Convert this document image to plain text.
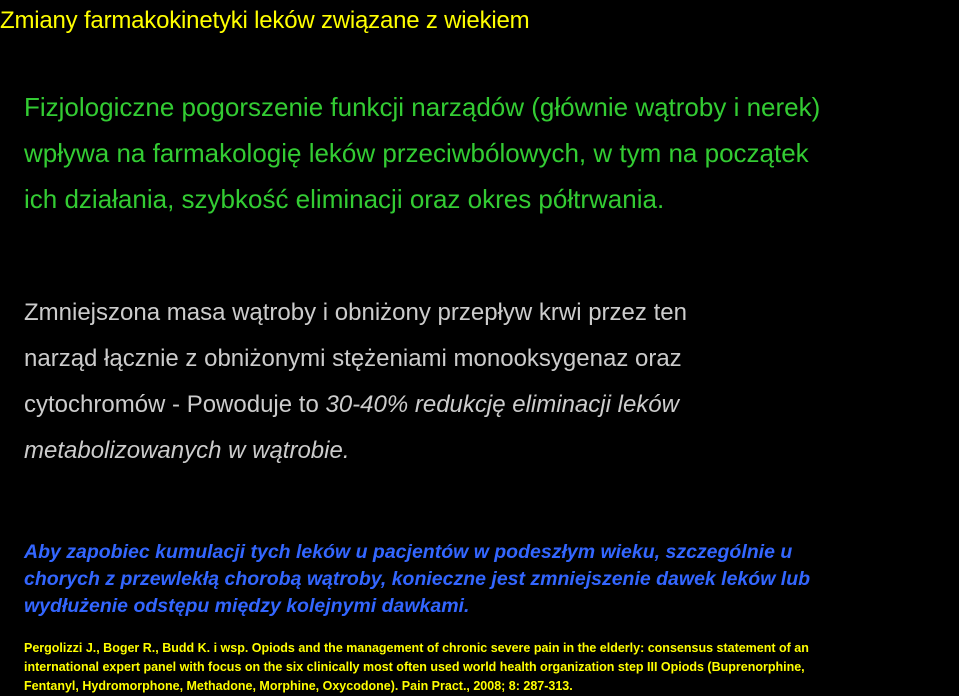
Zmiany farmakokinetyki leków związane z wiekiem
Fizjologiczne pogorszenie funkcji narządów (głównie wątroby i nerek)
wpływa na farmakologię leków przeciwbólowych, w tym na początek
ich działania, szybkość eliminacji oraz okres półtrwania.
Zmniejszona masa wątroby i obniżony przepływ krwi przez ten
narząd łącznie z obniżonymi stężeniami monooksygenaz oraz
cytochromów - Powoduje to 30-40% redukcję eliminacji leków
metabolizowanych w wątrobie.
Aby zapobiec kumulacji tych leków u pacjentów w podeszłym wieku, szczególnie u
chorych z przewlekłą chorobą wątroby, konieczne jest zmniejszenie dawek leków lub
wydłużenie odstępu między kolejnymi dawkami.
Pergolizzi J., Boger R., Budd K. i wsp. Opiods and the management of chronic severe pain in the elderly: consensus statement of an
international expert panel with focus on the six clinically most often used world health organization step III Opiods (Buprenorphine,
Fentanyl, Hydromorphone, Methadone, Morphine, Oxycodone). Pain Pract., 2008; 8: 287-313.
